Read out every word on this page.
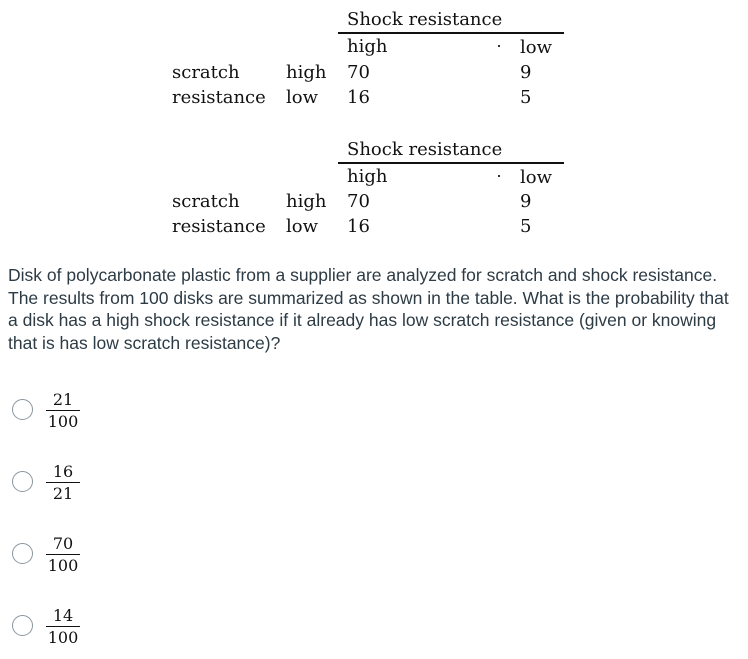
Shock resistance
high	low
scratch	high 70	9
resistance low 16	5
Shock resistance
high	low
scratch	high 70	9
resistance low 16	5
Disk of polycarbonate plastic from a supplier are analyzed for scratch and shock resistance. The results from 100 disks are summarized as shown in the table. What is the probability that a disk has a high shock resistance if it already has low scratch resistance (given or knowing that is has low scratch resistance)?
$\frac{21}{100}$
$\frac{16}{21}$
$\frac{70}{100}$
$\frac{14}{100}$
